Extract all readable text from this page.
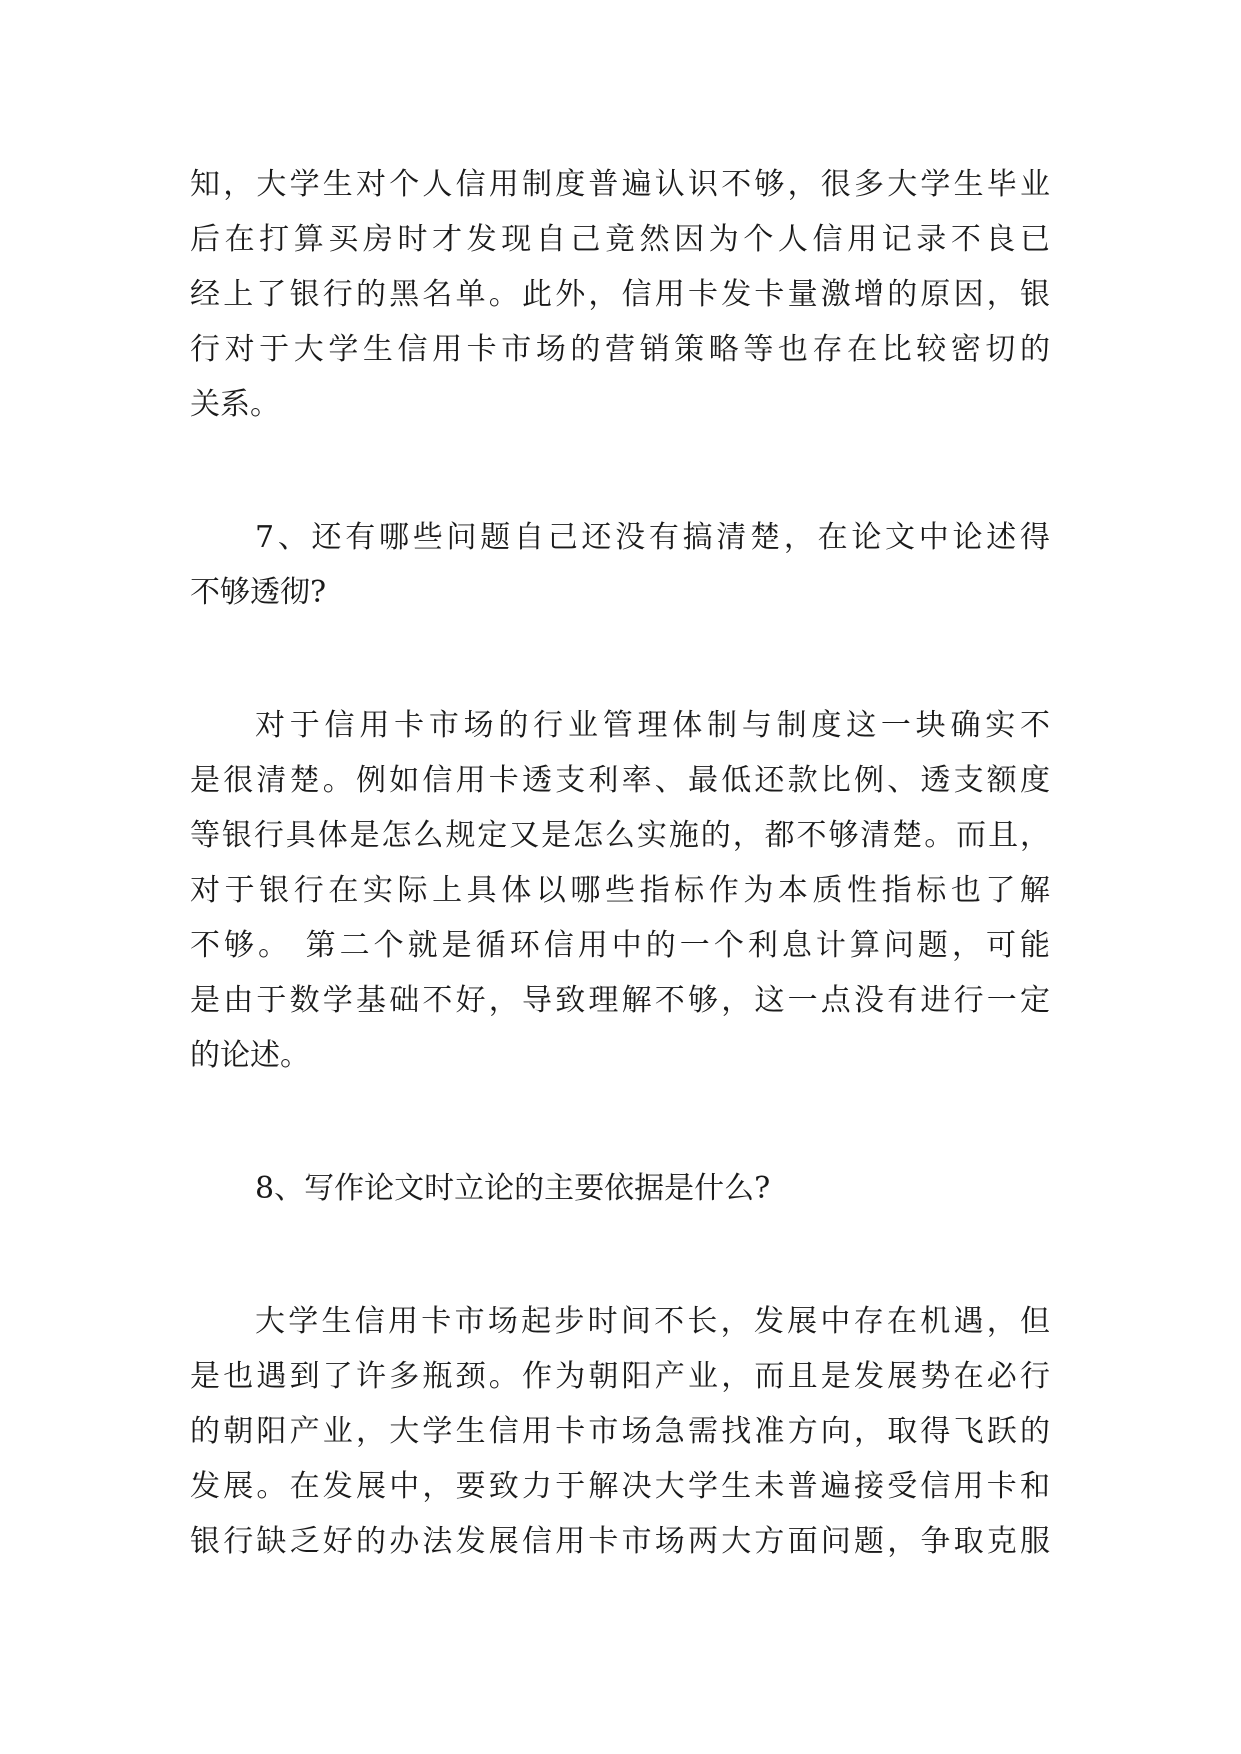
知，大学生对个人信用制度普遍认识不够，很多大学生毕业
后在打算买房时才发现自己竟然因为个人信用记录不良已
经上了银行的黑名单。此外，信用卡发卡量激增的原因，银
行对于大学生信用卡市场的营销策略等也存在比较密切的
关系。
7、还有哪些问题自己还没有搞清楚，在论文中论述得
不够透彻?
对于信用卡市场的行业管理体制与制度这一块确实不
是很清楚。例如信用卡透支利率、最低还款比例、透支额度
等银行具体是怎么规定又是怎么实施的，都不够清楚。而且，
对于银行在实际上具体以哪些指标作为本质性指标也了解
不够。 第二个就是循环信用中的一个利息计算问题，可能
是由于数学基础不好，导致理解不够，这一点没有进行一定
的论述。
8、写作论文时立论的主要依据是什么?
大学生信用卡市场起步时间不长，发展中存在机遇，但
是也遇到了许多瓶颈。作为朝阳产业，而且是发展势在必行
的朝阳产业，大学生信用卡市场急需找准方向，取得飞跃的
发展。在发展中，要致力于解决大学生未普遍接受信用卡和
银行缺乏好的办法发展信用卡市场两大方面问题，争取克服
